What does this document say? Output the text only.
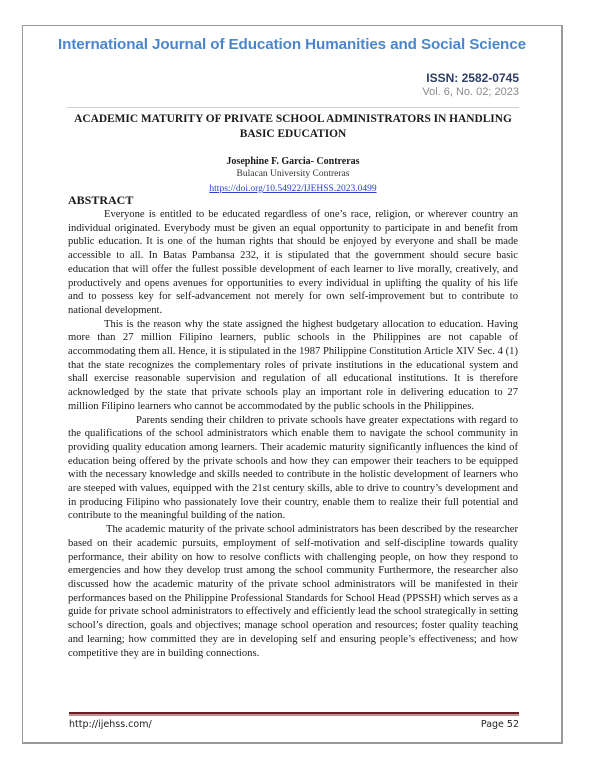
International Journal of Education Humanities and Social Science
ISSN: 2582-0745
Vol. 6, No. 02; 2023
ACADEMIC MATURITY OF PRIVATE SCHOOL ADMINISTRATORS IN HANDLING BASIC EDUCATION
Josephine F. Garcia- Contreras
Bulacan University Contreras
https://doi.org/10.54922/IJEHSS.2023.0499
ABSTRACT

Everyone is entitled to be educated regardless of one’s race, religion, or wherever country an individual originated. Everybody must be given an equal opportunity to participate in and benefit from public education. It is one of the human rights that should be enjoyed by everyone and shall be made accessible to all. In Batas Pambansa 232, it is stipulated that the government should secure basic education that will offer the fullest possible development of each learner to live morally, creatively, and productively and opens avenues for opportunities to every individual in uplifting the quality of his life and to possess key for self-advancement not merely for own self-improvement but to contribute to national development.

This is the reason why the state assigned the highest budgetary allocation to education. Having more than 27 million Filipino learners, public schools in the Philippines are not capable of accommodating them all. Hence, it is stipulated in the 1987 Philippine Constitution Article XIV Sec. 4 (1) that the state recognizes the complementary roles of private institutions in the educational system and shall exercise reasonable supervision and regulation of all educational institutions. It is therefore acknowledged by the state that private schools play an important role in delivering education to 27 million Filipino learners who cannot be accommodated by the public schools in the Philippines.

Parents sending their children to private schools have greater expectations with regard to the qualifications of the school administrators which enable them to navigate the school community in providing quality education among learners. Their academic maturity significantly influences the kind of education being offered by the private schools and how they can empower their teachers to be equipped with the necessary knowledge and skills needed to contribute in the holistic development of learners who are steeped with values, equipped with the 21st century skills, able to drive to country’s development and in producing Filipino who passionately love their country, enable them to realize their full potential and contribute to the meaningful building of the nation.

The academic maturity of the private school administrators has been described by the researcher based on their academic pursuits, employment of self-motivation and self-discipline towards quality performance, their ability on how to resolve conflicts with challenging people, on how they respond to emergencies and how they develop trust among the school community Furthermore, the researcher also discussed how the academic maturity of the private school administrators will be manifested in their performances based on the Philippine Professional Standards for School Head (PPSSH) which serves as a guide for private school administrators to effectively and efficiently lead the school strategically in setting school’s direction, goals and objectives; manage school operation and resources; foster quality teaching and learning; how committed they are in developing self and ensuring people’s effectiveness; and how competitive they are in building connections.

http://ijehss.com/	Page 52
